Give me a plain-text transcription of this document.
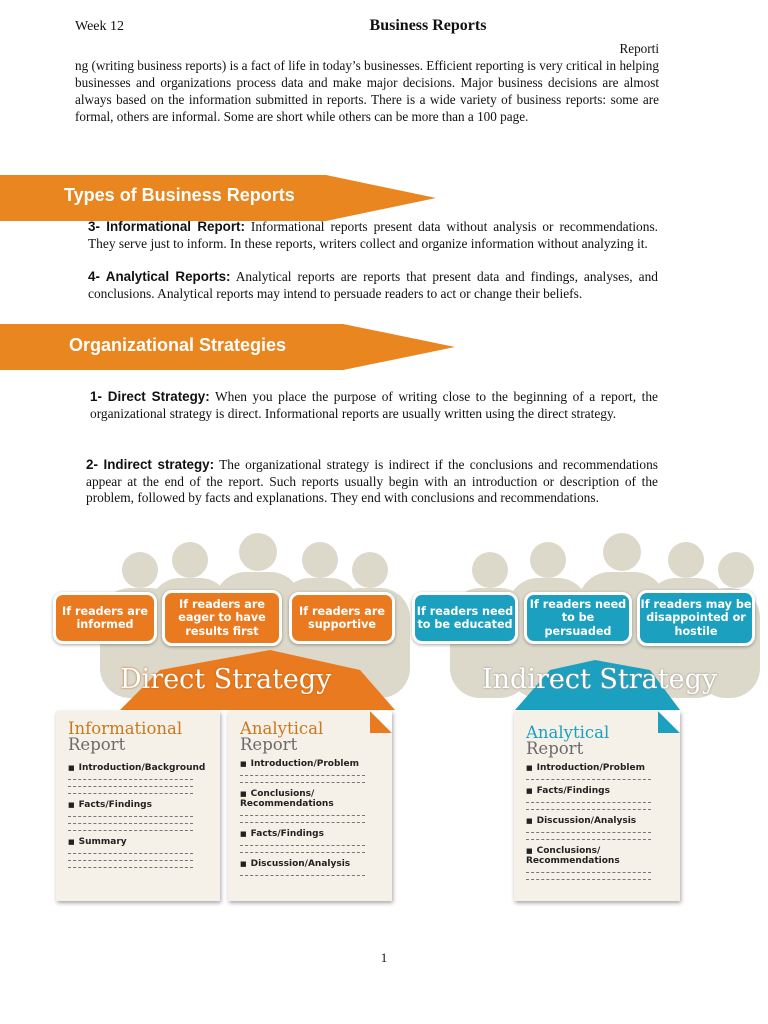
Week 12	Business Reports
Reporti
ng (writing business reports) is a fact of life in today’s businesses. Efficient reporting is very critical in helping businesses and organizations process data and make major decisions. Major business decisions are almost always based on the information submitted in reports. There is a wide variety of business reports: some are formal, others are informal. Some are short while others can be more than a 100 page.
Types of Business Reports
3- Informational Report: Informational reports present data without analysis or recommendations. They serve just to inform. In these reports, writers collect and organize information without analyzing it.
4- Analytical Reports: Analytical reports are reports that present data and findings, analyses, and conclusions. Analytical reports may intend to persuade readers to act or change their beliefs.
Organizational Strategies
1- Direct Strategy: When you place the purpose of writing close to the beginning of a report, the organizational strategy is direct. Informational reports are usually written using the direct strategy.
2- Indirect strategy: The organizational strategy is indirect if the conclusions and recommendations appear at the end of the report. Such reports usually begin with an introduction or description of the problem, followed by facts and explanations. They end with conclusions and recommendations.
If readers are informed
If readers are eager to have results first
If readers are supportive
If readers need to be educated
If readers need to be persuaded
If readers may be disappointed or hostile
Direct Strategy	Indirect Strategy
Informational
Report
■ Introduction/Background
■ Facts/Findings
■ Summary
Analytical
Report
■ Introduction/Problem
■ Conclusions/ Recommendations
■ Facts/Findings
■ Discussion/Analysis
Analytical
Report
■ Introduction/Problem
■ Facts/Findings
■ Discussion/Analysis
■ Conclusions/ Recommendations
1
